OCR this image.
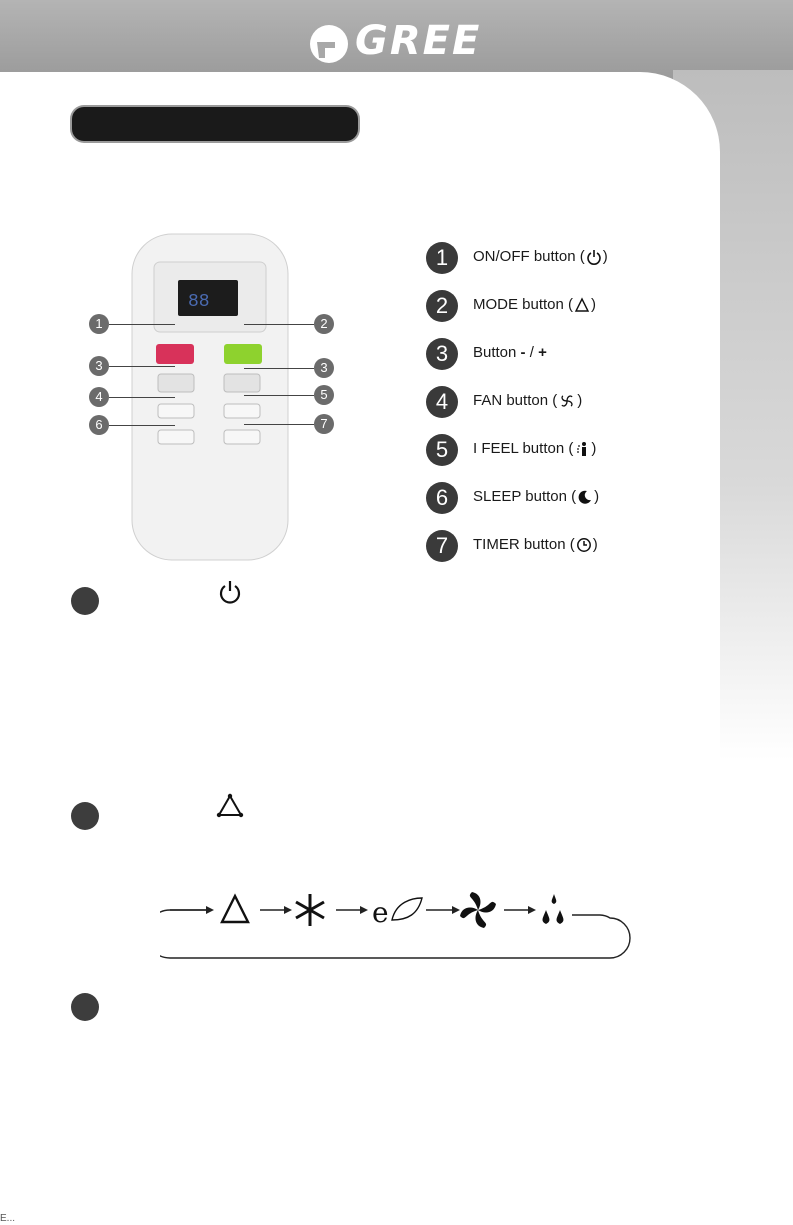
GREE
88
1
3
4
6
2
3
5
7
1	ON/OFF button ( )
2	MODE button ( )
3	Button - / +
4	FAN button ( )
5	I FEEL button ( )
6	SLEEP button ( )
7	TIMER button ( )
e
E...
